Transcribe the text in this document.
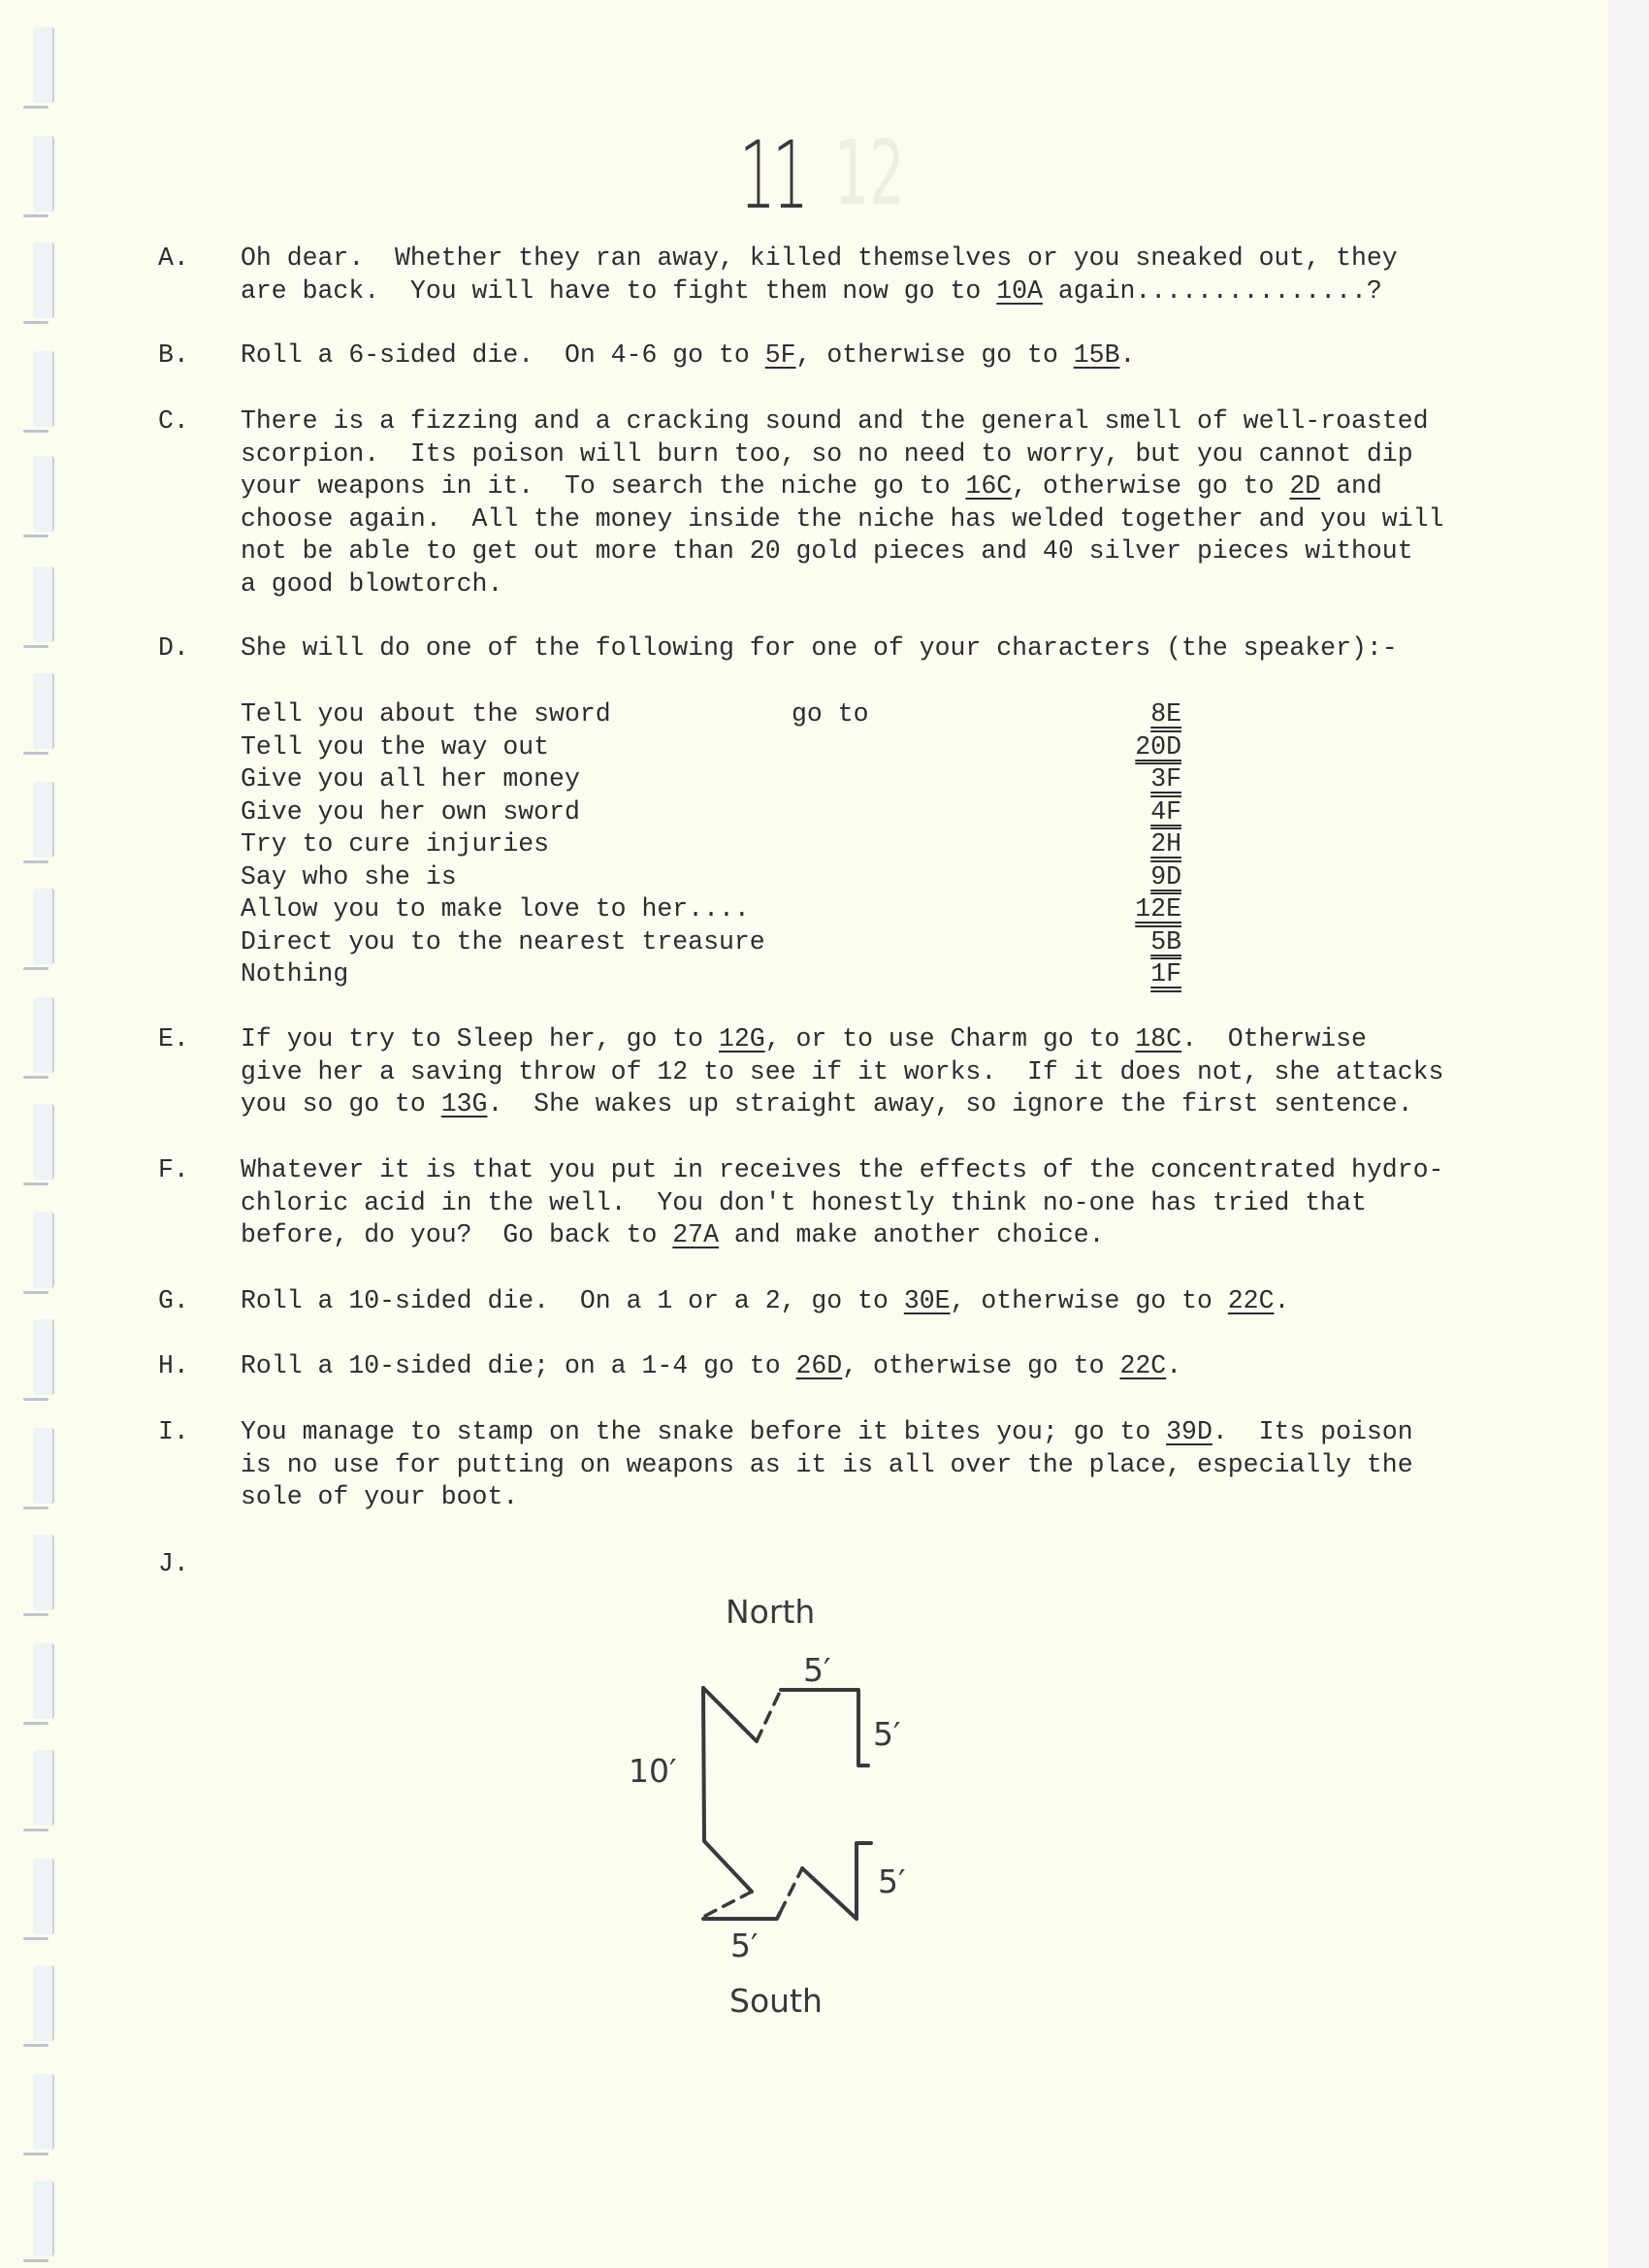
12
11
A. Oh dear.  Whether they ran away, killed themselves or you sneaked out, they
are back.  You will have to fight them now go to 10A again...............?
B. Roll a 6-sided die.  On 4-6 go to 5F, otherwise go to 15B.
C. There is a fizzing and a cracking sound and the general smell of well-roasted
scorpion.  Its poison will burn too, so no need to worry, but you cannot dip
your weapons in it.  To search the niche go to 16C, otherwise go to 2D and
choose again.  All the money inside the niche has welded together and you will
not be able to get out more than 20 gold pieces and 40 silver pieces without
a good blowtorch.
D. She will do one of the following for one of your characters (the speaker):-
E. If you try to Sleep her, go to 12G, or to use Charm go to 18C.  Otherwise
give her a saving throw of 12 to see if it works.  If it does not, she attacks
you so go to 13G.  She wakes up straight away, so ignore the first sentence.
F. Whatever it is that you put in receives the effects of the concentrated hydro-
chloric acid in the well.  You don't honestly think no-one has tried that
before, do you?  Go back to 27A and make another choice.
G. Roll a 10-sided die.  On a 1 or a 2, go to 30E, otherwise go to 22C.
H. Roll a 10-sided die; on a 1-4 go to 26D, otherwise go to 22C.
I. You manage to stamp on the snake before it bites you; go to 39D.  Its poison
is no use for putting on weapons as it is all over the place, especially the
sole of your boot.
J.
Tell you about the sword	go to	8E
Tell you the way out	20D
Give you all her money	3F
Give you her own sword	4F
Try to cure injuries	2H
Say who she is	9D
Allow you to make love to her....	12E
Direct you to the nearest treasure	5B
Nothing	1F
North
5′
5′
10′
5′
5′
South
